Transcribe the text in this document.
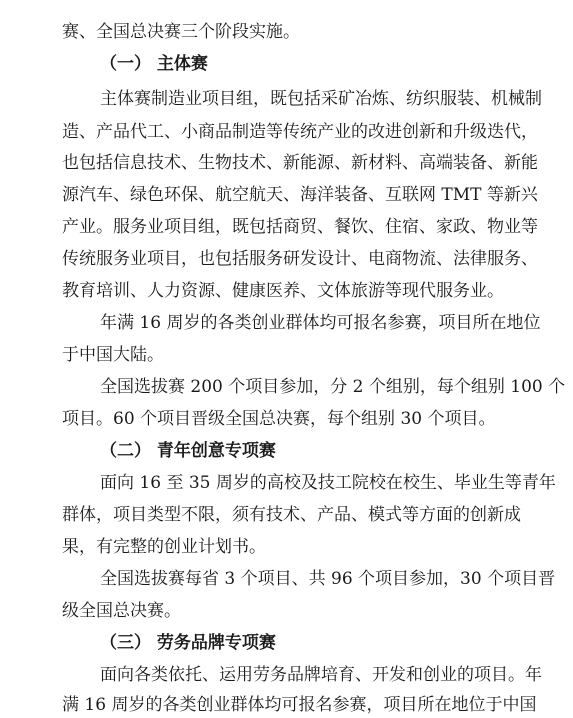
赛、全国总决赛三个阶段实施。
（一） 主体赛
主体赛制造业项目组，既包括采矿冶炼、纺织服装、机械制
造、产品代工、小商品制造等传统产业的改进创新和升级迭代，
也包括信息技术、生物技术、新能源、新材料、高端装备、新能
源汽车、绿色环保、航空航天、海洋装备、互联网 TMT 等新兴
产业。服务业项目组，既包括商贸、餐饮、住宿、家政、物业等
传统服务业项目，也包括服务研发设计、电商物流、法律服务、
教育培训、人力资源、健康医养、文体旅游等现代服务业。
年满 16 周岁的各类创业群体均可报名参赛，项目所在地位
于中国大陆。
全国选拔赛 200 个项目参加，分 2 个组别，每个组别 100 个
项目。60 个项目晋级全国总决赛，每个组别 30 个项目。
（二） 青年创意专项赛
面向 16 至 35 周岁的高校及技工院校在校生、毕业生等青年
群体，项目类型不限，须有技术、产品、模式等方面的创新成
果，有完整的创业计划书。
全国选拔赛每省 3 个项目、共 96 个项目参加，30 个项目晋
级全国总决赛。
（三） 劳务品牌专项赛
面向各类依托、运用劳务品牌培育、开发和创业的项目。年
满 16 周岁的各类创业群体均可报名参赛，项目所在地位于中国
